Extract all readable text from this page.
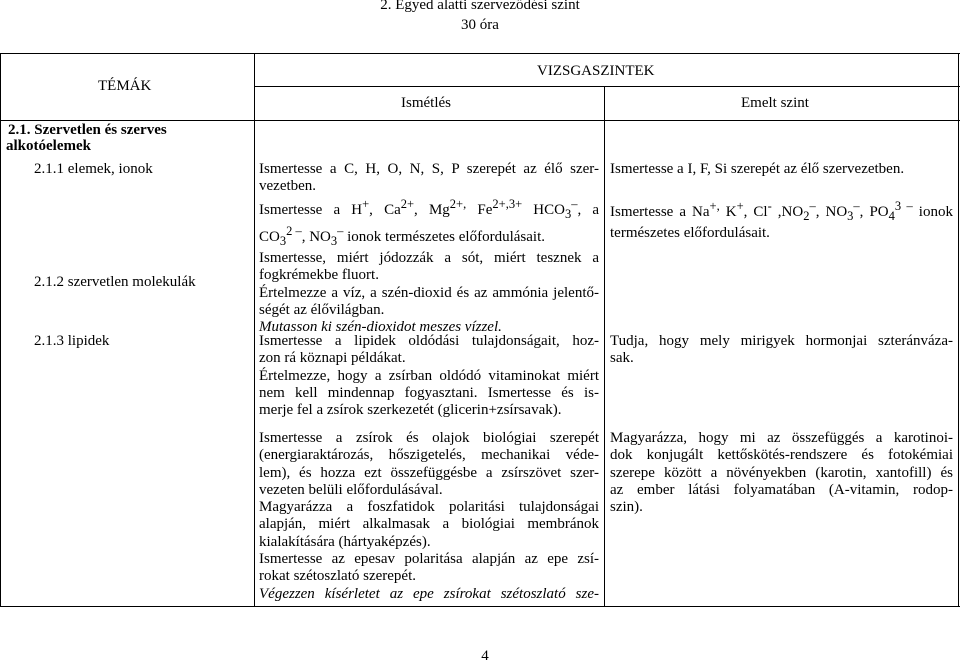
2. Egyed alatti szerveződési szint
30 óra
TÉMÁK
VIZSGASZINTEK
Ismétlés	Emelt szint
2.1. Szervetlen és szerves
alkotóelemek
2.1.1 elemek, ionok
2.1.2 szervetlen molekulák
2.1.3 lipidek
Ismertesse a C, H, O, N, S, P szerepét az élő szer-
vezetben.
Ismertesse a H+, $Ca^{2+}$, $Mg^{2+,}$ $Fe^{2+,3+}$ $HCO_3^-$, a
$CO_3^{2 -}$, $NO_3^-$ ionok természetes előfordulásait.
Ismertesse, miért jódozzák a sót, miért tesznek a
fogkrémekbe fluort.
Értelmezze a víz, a szén-dioxid és az ammónia jelentő-
ségét az élővilágban.
Mutasson ki szén-dioxidot meszes vízzel.
Ismertesse a lipidek oldódási tulajdonságait, hoz-
zon rá köznapi példákat.
Értelmezze, hogy a zsírban oldódó vitaminokat miért
nem kell mindennap fogyasztani. Ismertesse és is-
merje fel a zsírok szerkezetét (glicerin+zsírsavak).
Ismertesse a zsírok és olajok biológiai szerepét
(energiaraktározás, hőszigetelés, mechanikai véde-
lem), és hozza ezt összefüggésbe a zsírszövet szer-
vezeten belüli előfordulásával.
Magyarázza a foszfatidok polaritási tulajdonságai
alapján, miért alkalmasak a biológiai membránok
kialakítására (hártyaképzés).
Ismertesse az epesav polaritása alapján az epe zsí-
rokat szétoszlató szerepét.
Végezzen kísérletet az epe zsírokat szétoszlató sze-
Ismertesse a I, F, Si szerepét az élő szervezetben.
Ismertesse a Na+, K+, Cl- $,NO_2^-$, $NO_3^-$, $PO_4^{3 -}$ ionok
természetes előfordulásait.
Tudja, hogy mely mirigyek hormonjai szteránváza-
sak.
Magyarázza, hogy mi az összefüggés a karotinoi-
dok konjugált kettőskötés-rendszere és fotokémiai
szerepe között a növényekben (karotin, xantofill) és
az ember látási folyamatában (A-vitamin, rodop-
szin).
4
